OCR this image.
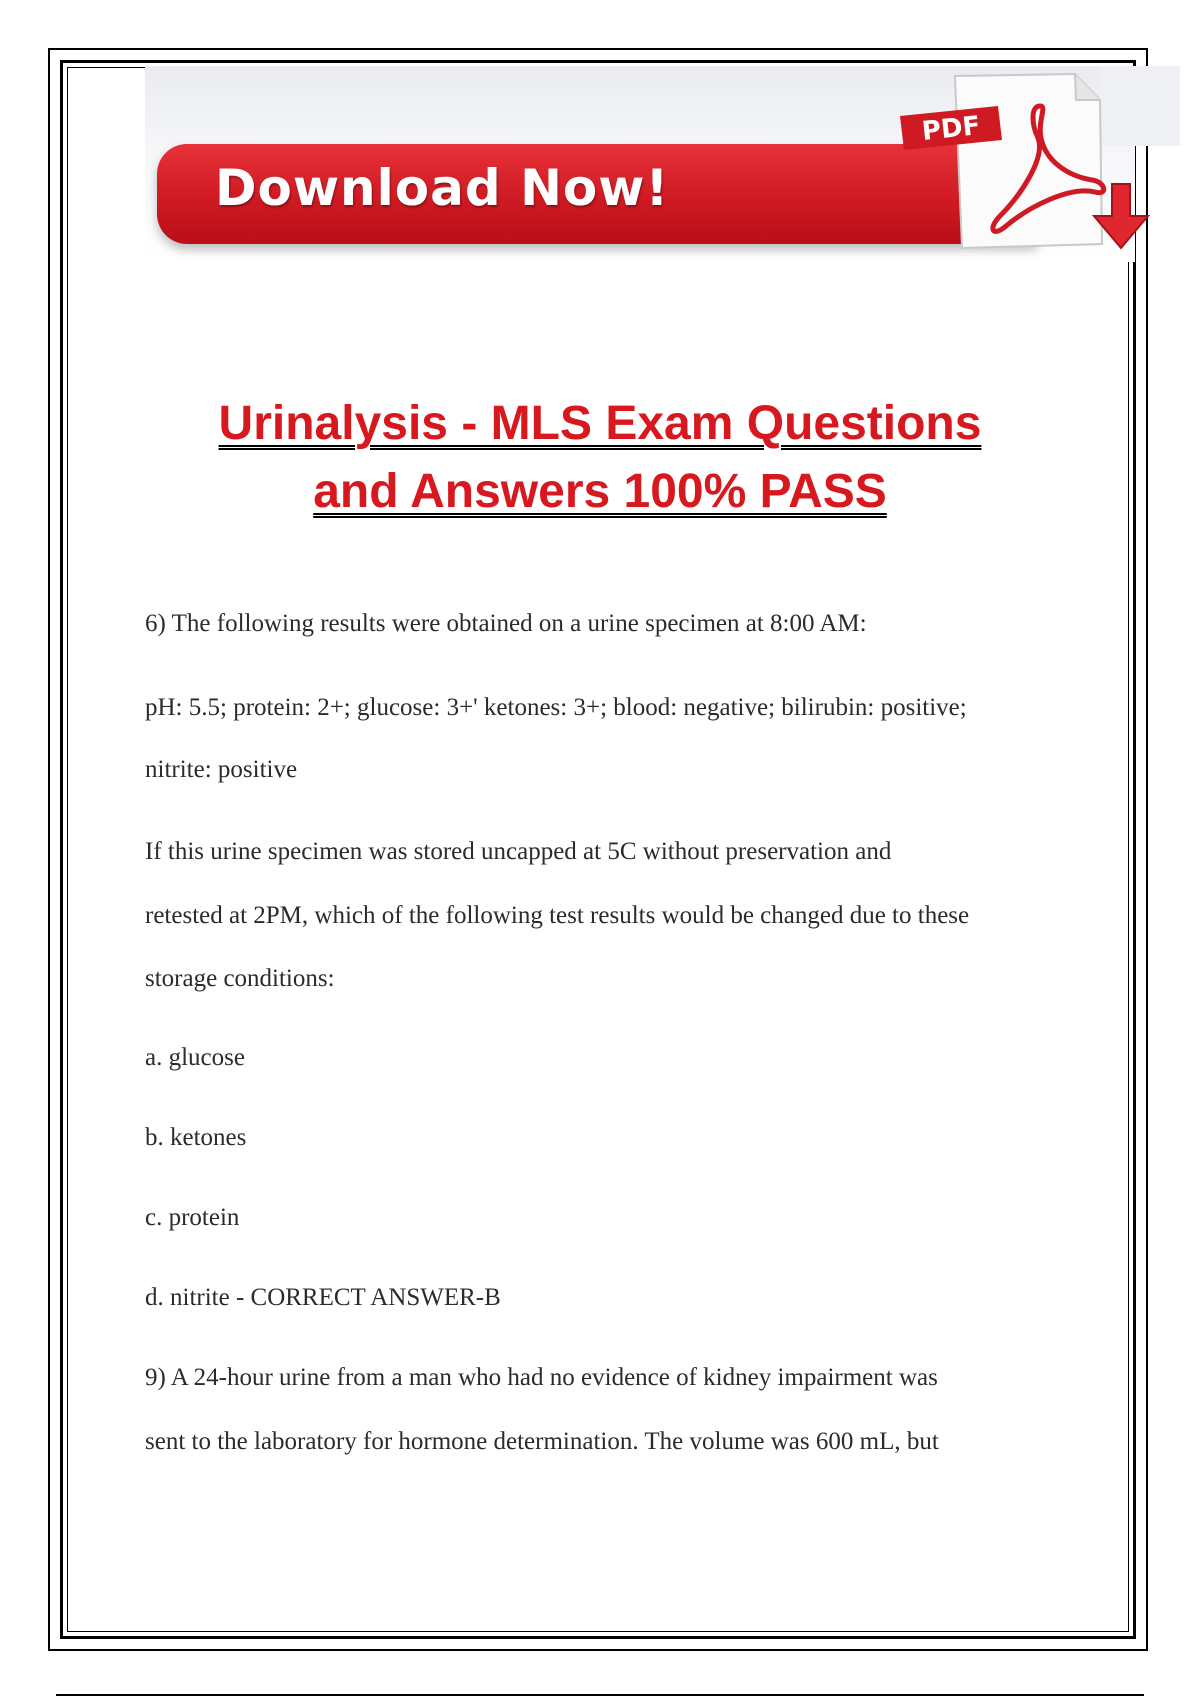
Download Now!
PDF
Urinalysis - MLS Exam Questions
and Answers 100% PASS
6) The following results were obtained on a urine specimen at 8:00 AM:
pH: 5.5; protein: 2+; glucose: 3+' ketones: 3+; blood: negative; bilirubin: positive;
nitrite: positive
If this urine specimen was stored uncapped at 5C without preservation and
retested at 2PM, which of the following test results would be changed due to these
storage conditions:
a. glucose
b. ketones
c. protein
d. nitrite - CORRECT ANSWER-B
9) A 24-hour urine from a man who had no evidence of kidney impairment was
sent to the laboratory for hormone determination. The volume was 600 mL, but
